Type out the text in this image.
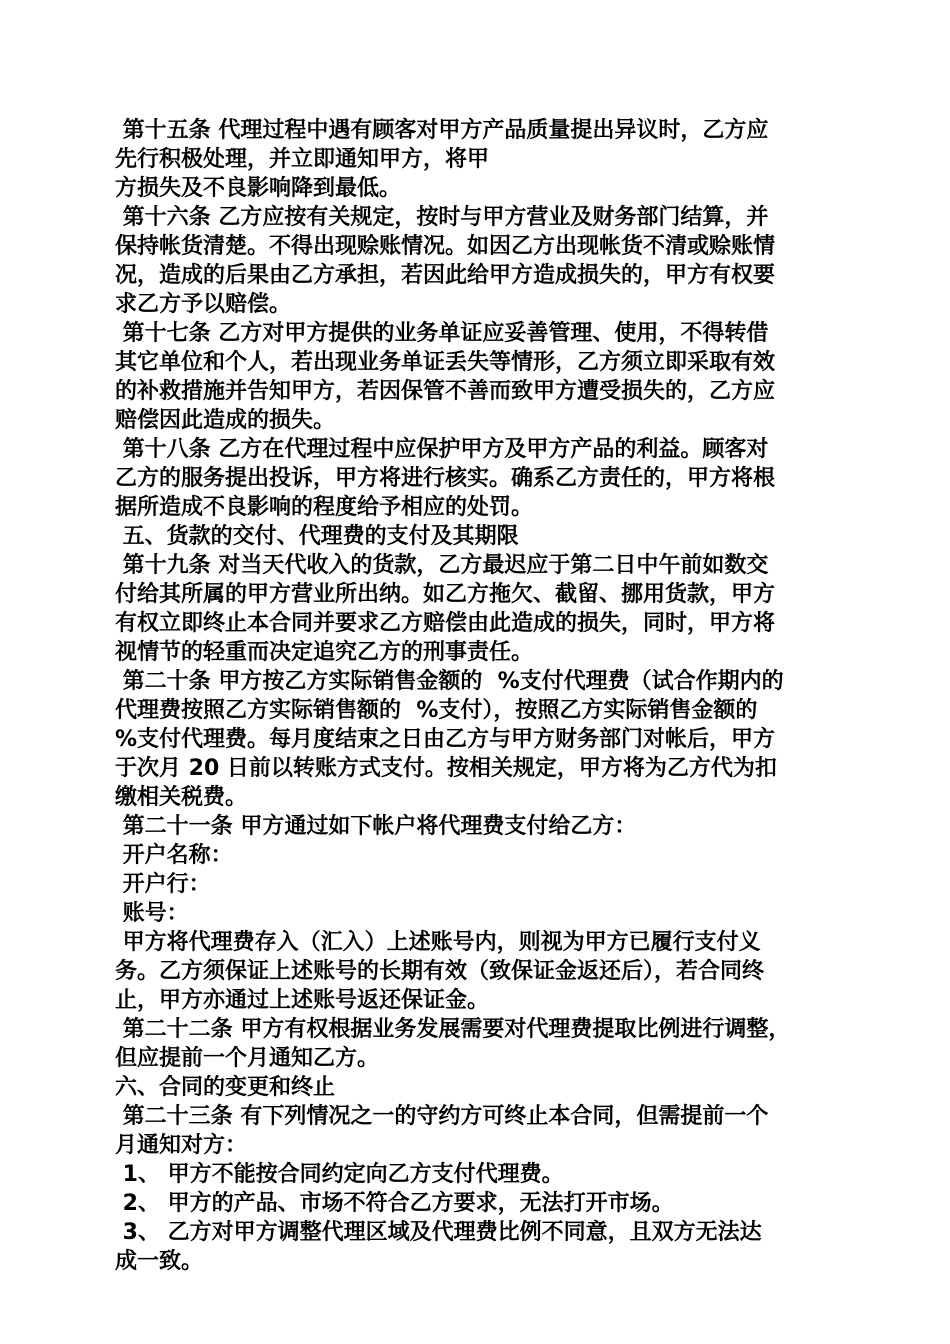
第十五条 代理过程中遇有顾客对甲方产品质量提出异议时，乙方应
先行积极处理，并立即通知甲方，将甲
方损失及不良影响降到最低。
第十六条 乙方应按有关规定，按时与甲方营业及财务部门结算，并
保持帐货清楚。不得出现赊账情况。如因乙方出现帐货不清或赊账情
况，造成的后果由乙方承担，若因此给甲方造成损失的，甲方有权要
求乙方予以赔偿。
第十七条 乙方对甲方提供的业务单证应妥善管理、使用，不得转借
其它单位和个人，若出现业务单证丢失等情形，乙方须立即采取有效
的补救措施并告知甲方，若因保管不善而致甲方遭受损失的，乙方应
赔偿因此造成的损失。
第十八条 乙方在代理过程中应保护甲方及甲方产品的利益。顾客对
乙方的服务提出投诉，甲方将进行核实。确系乙方责任的，甲方将根
据所造成不良影响的程度给予相应的处罚。
五、货款的交付、代理费的支付及其期限
第十九条 对当天代收入的货款，乙方最迟应于第二日中午前如数交
付给其所属的甲方营业所出纳。如乙方拖欠、截留、挪用货款，甲方
有权立即终止本合同并要求乙方赔偿由此造成的损失，同时，甲方将
视情节的轻重而决定追究乙方的刑事责任。
第二十条 甲方按乙方实际销售金额的  %支付代理费（试合作期内的
代理费按照乙方实际销售额的  %支付），按照乙方实际销售金额的
%支付代理费。每月度结束之日由乙方与甲方财务部门对帐后，甲方
于次月 20 日前以转账方式支付。按相关规定，甲方将为乙方代为扣
缴相关税费。
第二十一条 甲方通过如下帐户将代理费支付给乙方：
开户名称：
开户行：
账号：
甲方将代理费存入（汇入）上述账号内，则视为甲方已履行支付义
务。乙方须保证上述账号的长期有效（致保证金返还后），若合同终
止，甲方亦通过上述账号返还保证金。
第二十二条 甲方有权根据业务发展需要对代理费提取比例进行调整，
但应提前一个月通知乙方。
六、合同的变更和终止
第二十三条 有下列情况之一的守约方可终止本合同，但需提前一个
月通知对方：
1、 甲方不能按合同约定向乙方支付代理费。
2、 甲方的产品、市场不符合乙方要求，无法打开市场。
3、 乙方对甲方调整代理区域及代理费比例不同意，且双方无法达
成一致。
